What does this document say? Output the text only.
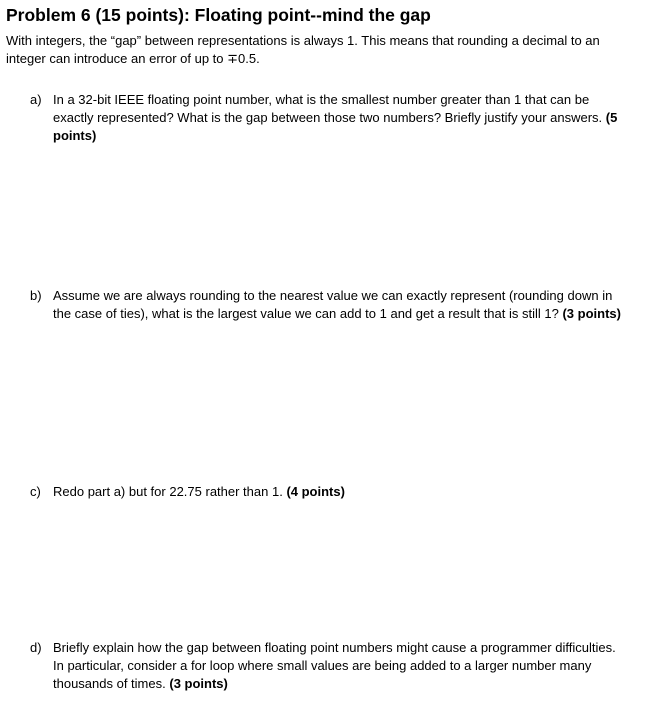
Problem 6 (15 points): Floating point--mind the gap

With integers, the “gap” between representations is always 1. This means that rounding a decimal to an integer can introduce an error of up to ∓0.5.

a) In a 32-bit IEEE floating point number, what is the smallest number greater than 1 that can be exactly represented? What is the gap between those two numbers? Briefly justify your answers. (5 points)
b) Assume we are always rounding to the nearest value we can exactly represent (rounding down in the case of ties), what is the largest value we can add to 1 and get a result that is still 1? (3 points)
c) Redo part a) but for 22.75 rather than 1. (4 points)
d) Briefly explain how the gap between floating point numbers might cause a programmer difficulties. In particular, consider a for loop where small values are being added to a larger number many thousands of times. (3 points)
